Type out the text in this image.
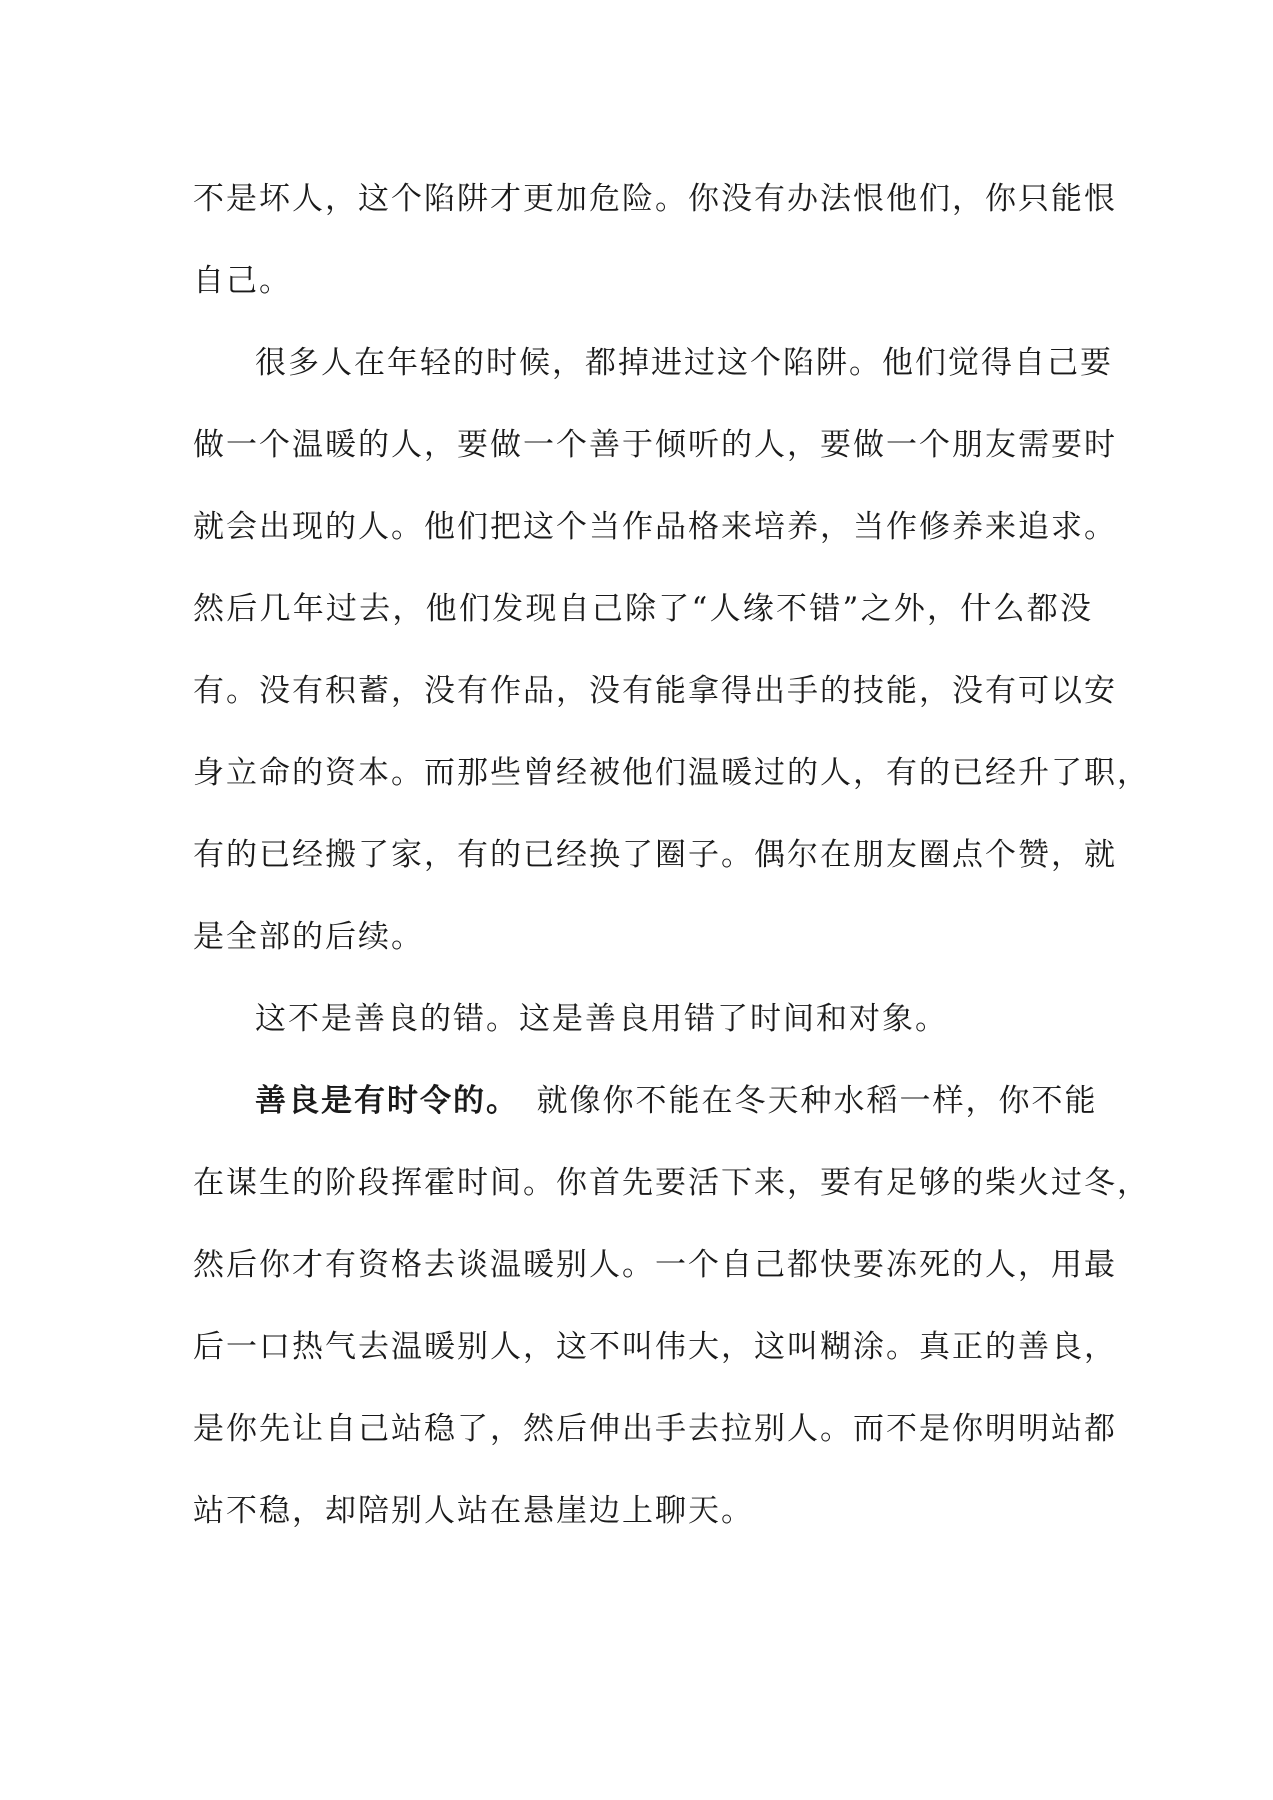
不是坏人，这个陷阱才更加危险。你没有办法恨他们，你只能恨
自己。
很多人在年轻的时候，都掉进过这个陷阱。他们觉得自己要
做一个温暖的人，要做一个善于倾听的人，要做一个朋友需要时
就会出现的人。他们把这个当作品格来培养，当作修养来追求。
然后几年过去，他们发现自己除了“人缘不错”之外，什么都没
有。没有积蓄，没有作品，没有能拿得出手的技能，没有可以安
身立命的资本。而那些曾经被他们温暖过的人，有的已经升了职，
有的已经搬了家，有的已经换了圈子。偶尔在朋友圈点个赞，就
是全部的后续。
这不是善良的错。这是善良用错了时间和对象。
善良是有时令的。  就像你不能在冬天种水稻一样，你不能
在谋生的阶段挥霍时间。你首先要活下来，要有足够的柴火过冬，
然后你才有资格去谈温暖别人。一个自己都快要冻死的人，用最
后一口热气去温暖别人，这不叫伟大，这叫糊涂。真正的善良，
是你先让自己站稳了，然后伸出手去拉别人。而不是你明明站都
站不稳，却陪别人站在悬崖边上聊天。
